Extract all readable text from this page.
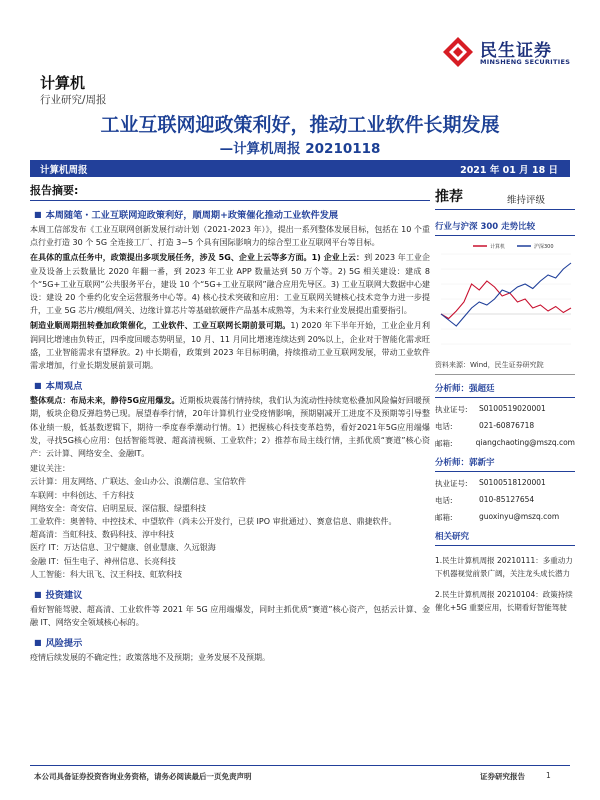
民生证券
MINSHENG SECURITIES
计算机
行业研究/周报
工业互联网迎政策利好，推动工业软件长期发展
—计算机周报 20210118
计算机周报	2021 年 01 月 18 日
报告摘要:
■ 本周随笔・工业互联网迎政策利好，顺周期+政策催化推动工业软件发展
本周工信部发布《工业互联网创新发展行动计划（2021-2023 年）》，提出一系列整体发展目标，包括在 10 个重点行业打造 30 个 5G 全连接工厂、打造 3~5 个具有国际影响力的综合型工业互联网平台等目标。
在具体的重点任务中，政策提出多项发展任务，涉及 5G、企业上云等多方面。1) 企业上云：到 2023 年工业企业及设备上云数量比 2020 年翻一番，到 2023 年工业 APP 数量达到 50 万个等。2) 5G 相关建设：建成 8 个“5G+工业互联网”公共服务平台，建设 10 个“5G+工业互联网”融合应用先导区。3) 工业互联网大数据中心建设：建设 20 个垂约化安全运营服务中心等。4) 核心技术突破和应用：工业互联网关键核心技术竞争力进一步提升，工业 5G 芯片/模组/网关、边缘计算芯片等基础软硬件产品基本成熟等，为未来行业发展提出重要指引。
制造业顺周期扭转叠加政策催化，工业软件、工业互联网长期前景可期。1) 2020 年下半年开始，工业企业月利润同比增速由负转正，四季度回暖态势明显，10 月、11 月同比增速连续达到 20%以上，企业对于智能化需求旺盛，工业智能需求有望释放。2) 中长期看，政策到 2023 年目标明确，持续推动工业互联网发展，带动工业软件需求增加，行业长期发展前景可期。
■ 本周观点
整体观点：布局未来，静待5G应用爆发。近期板块震荡行情持续，我们认为流动性持续宽松叠加风险偏好回暖预期，板块企稳反弹趋势已现。展望春季行情，20年计算机行业受疫情影响，预期剔减开工进度不及预期等引导整体业绩一般，低基数逻辑下，期待一季度春季潮动行情。1）把握核心科技变革趋势，看好2021年5G应用端爆发，寻找5G核心应用：包括智能驾驶、超高清视频、工业软件；2）推荐布局主线行情，主抓优质“赛道”核心资产：云计算、网络安全、金融IT。
建议关注：
云计算：用友网络、广联达、金山办公、浪潮信息、宝信软件
车联网：中科创达、千方科技
网络安全：奇安信、启明星辰、深信服、绿盟科技
工业软件：奥普特、中控技术、中望软件（尚未公开发行，已获 IPO 审批通过）、赛意信息、鼎捷软件。
超高清：当虹科技、数码科技、淳中科技
医疗 IT：万达信息、卫宁健康、创业慧康、久远银海
金融 IT：恒生电子、神州信息、长亮科技
人工智能：科大讯飞、汉王科技、虹软科技
■ 投资建议
看好智能驾驶、超高清、工业软件等 2021 年 5G 应用端爆发，同时主抓优质“赛道”核心资产，包括云计算、金融 IT、网络安全领域核心标的。
■ 风险提示
疫情后续发展的不确定性；政策落地不及预期；业务发展不及预期。
推荐	维持评级
行业与沪深 300 走势比较
计算机	沪深300
资料来源：Wind，民生证券研究院
分析师：强超廷
执业证号:	S0100519020001
电话:	021-60876718
邮箱:	qiangchaoting@mszq.com
分析师：郭新宇
执业证号:	S0100518120001
电话:	010-85127654
邮箱:	guoxinyu@mszq.com
相关研究
1.民生计算机周报 20210111：多重动力下机器视觉前景广阔，关注龙头成长潜力
2.民生计算机周报 20210104：政策持续催化+5G 重要应用，长期看好智能驾驶
本公司具备证券投资咨询业务资格，请务必阅读最后一页免责声明	证券研究报告	1
